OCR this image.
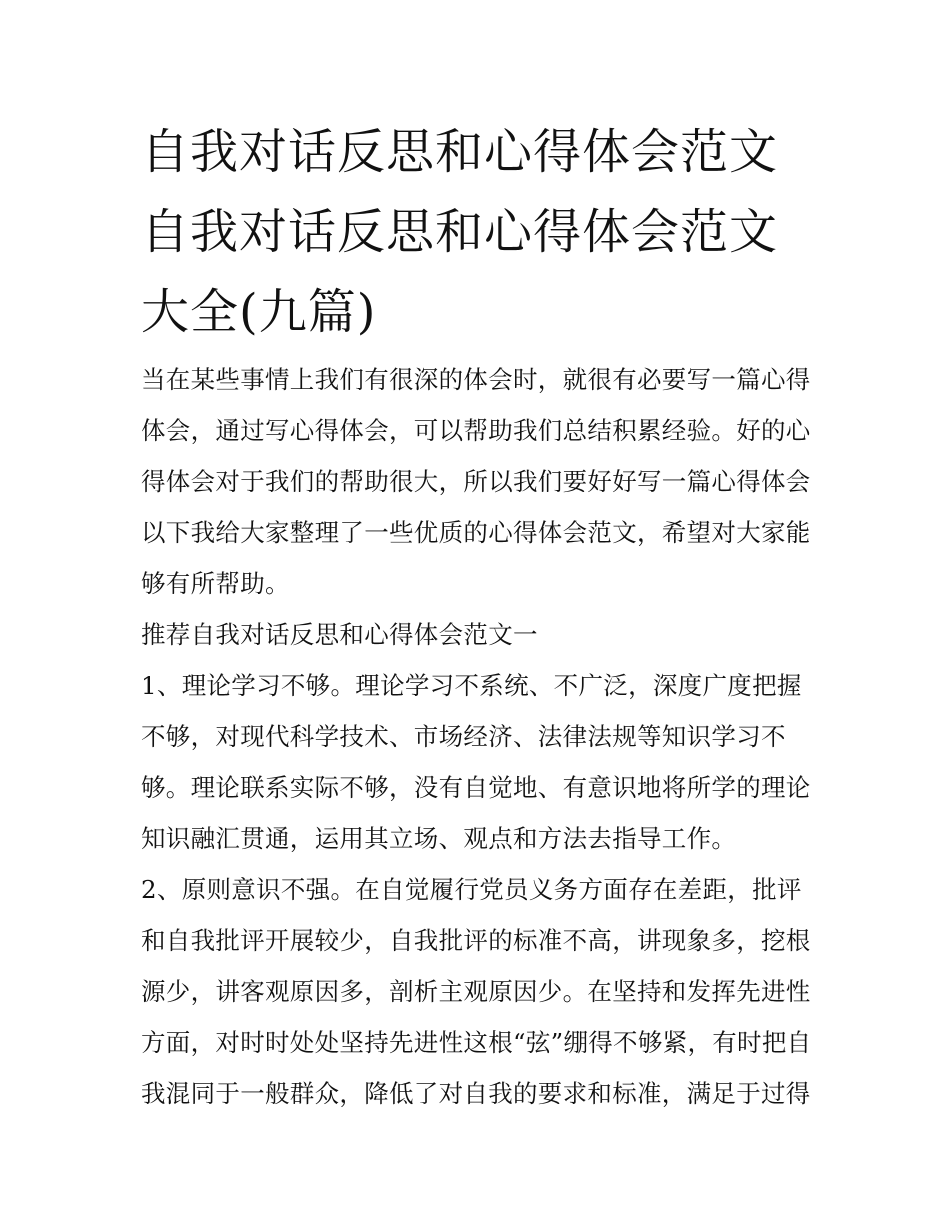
自我对话反思和心得体会范文
自我对话反思和心得体会范文
大全(九篇)
当在某些事情上我们有很深的体会时，就很有必要写一篇心得
体会，通过写心得体会，可以帮助我们总结积累经验。好的心
得体会对于我们的帮助很大，所以我们要好好写一篇心得体会
以下我给大家整理了一些优质的心得体会范文，希望对大家能
够有所帮助。
推荐自我对话反思和心得体会范文一
1、理论学习不够。理论学习不系统、不广泛，深度广度把握
不够，对现代科学技术、市场经济、法律法规等知识学习不
够。理论联系实际不够，没有自觉地、有意识地将所学的理论
知识融汇贯通，运用其立场、观点和方法去指导工作。
2、原则意识不强。在自觉履行党员义务方面存在差距，批评
和自我批评开展较少，自我批评的标准不高，讲现象多，挖根
源少，讲客观原因多，剖析主观原因少。在坚持和发挥先进性
方面，对时时处处坚持先进性这根“弦”绷得不够紧，有时把自
我混同于一般群众，降低了对自我的要求和标准，满足于过得
